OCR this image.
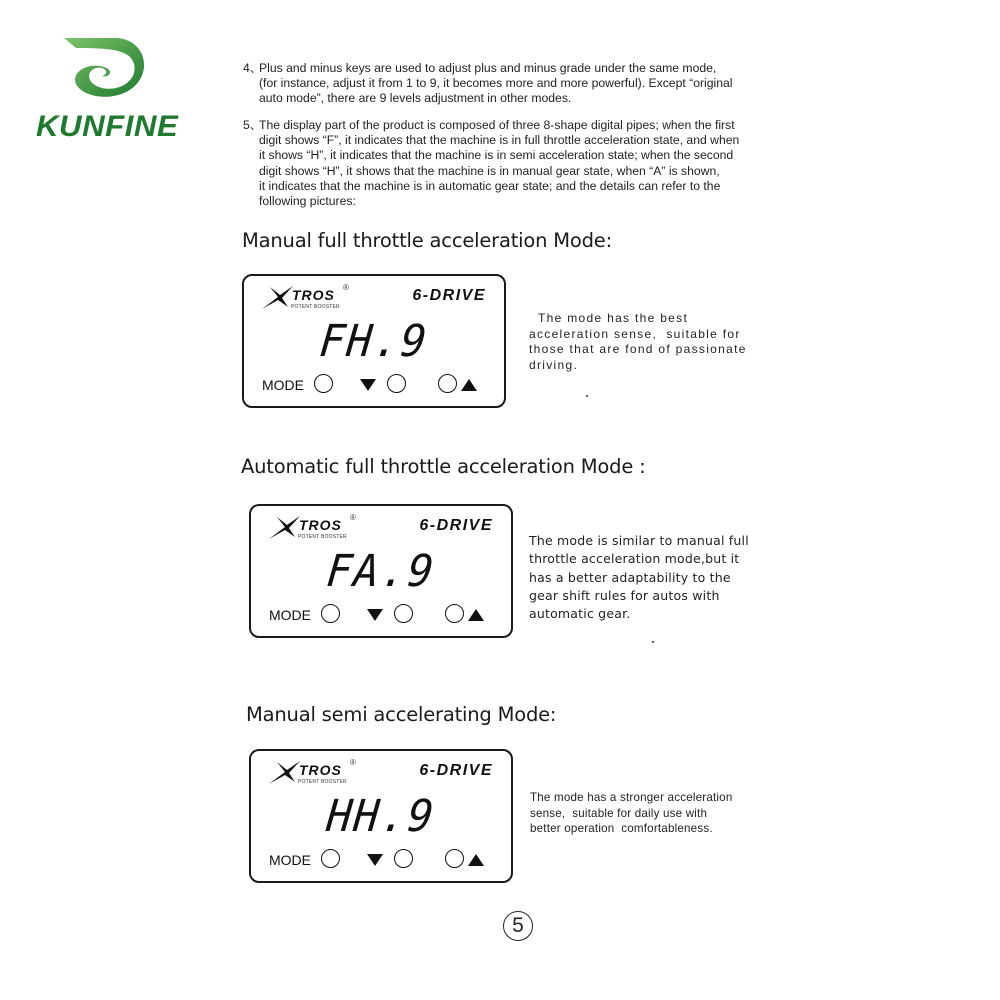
KUNFINE
4、
Plus and minus keys are used to adjust plus and minus grade under the same mode,
(for instance, adjust it from 1 to 9, it becomes more and more powerful). Except “original
auto mode”, there are 9 levels adjustment in other modes.
5、
The display part of the product is composed of three 8-shape digital pipes; when the first
digit shows “F”, it indicates that the machine is in full throttle acceleration state, and when
it shows “H”, it indicates that the machine is in semi acceleration state; when the second
digit shows “H”, it shows that the machine is in manual gear state, when “A” is shown,
it indicates that the machine is in automatic gear state; and the details can refer to the
following pictures:
Manual full throttle acceleration Mode:
TROS ®
POTENT BOOSTER
6-DRIVE
FH.9
MODE
The mode has the best
acceleration sense,  suitable for
those that are fond of passionate
driving.
Automatic full throttle acceleration Mode :
TROS ®
POTENT BOOSTER
6-DRIVE
FA.9
MODE
The mode is similar to manual full
throttle acceleration mode,but it
has a better adaptability to the
gear shift rules for autos with
automatic gear.
Manual semi accelerating Mode:
TROS ®
POTENT BOOSTER
6-DRIVE
HH.9
MODE
The mode has a stronger acceleration
sense,  suitable for daily use with
better operation  comfortableness.
5
